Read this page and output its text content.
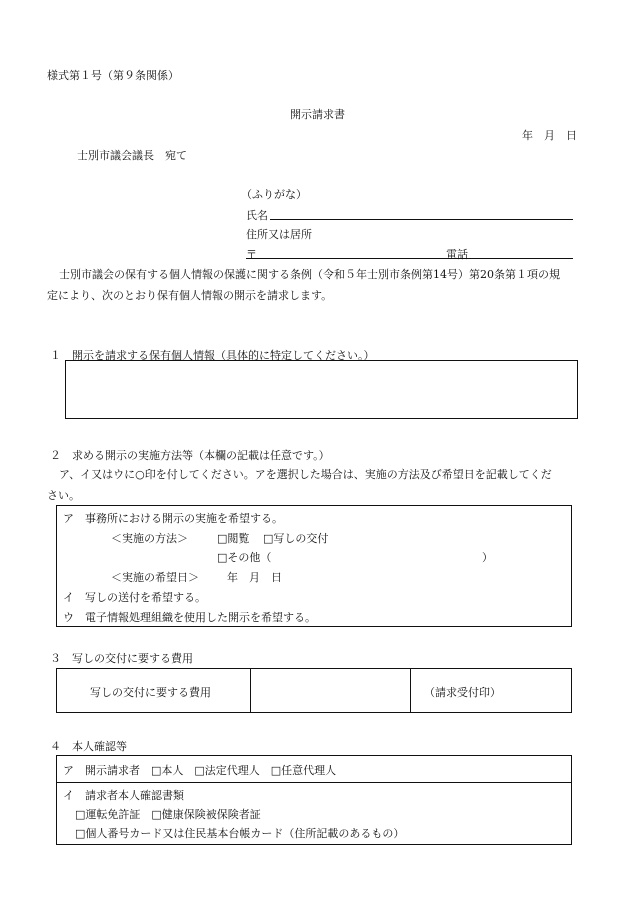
様式第１号（第９条関係）
開示請求書
年　月　日
士別市議会議長　宛て
（ふりがな）
氏名
住所又は居所
〒	電話
士別市議会の保有する個人情報の保護に関する条例（令和５年士別市条例第14号）第20条第１項の規
定により、次のとおり保有個人情報の開示を請求します。
１　開示を請求する保有個人情報（具体的に特定してください。）
２　求める開示の実施方法等（本欄の記載は任意です。）
ア、イ又はウに○印を付してください。アを選択した場合は、実施の方法及び希望日を記載してくだ
さい。
ア　事務所における開示の実施を希望する。
＜実施の方法＞	□閲覧 □写しの交付
□その他（	）
＜実施の希望日＞	年　月　日
イ　写しの送付を希望する。
ウ　電子情報処理組織を使用した開示を希望する。
３　写しの交付に要する費用
写しの交付に要する費用	（請求受付印）
４　本人確認等
ア　開示請求者　□本人　□法定代理人　□任意代理人
イ　請求者本人確認書類
□運転免許証　□健康保険被保険者証
□個人番号カード又は住民基本台帳カード（住所記載のあるもの）
